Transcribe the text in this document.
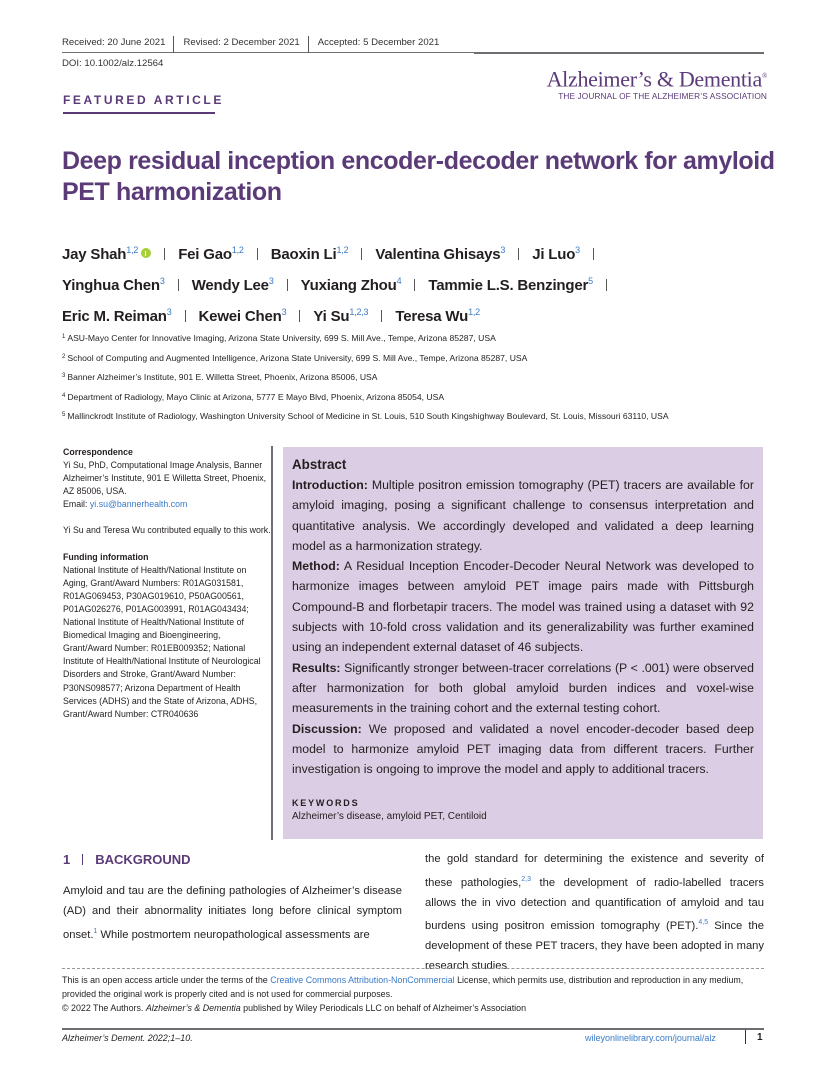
Received: 20 June 2021	Revised: 2 December 2021	Accepted: 5 December 2021
DOI: 10.1002/alz.12564
Alzheimer’s & Dementia®
THE JOURNAL OF THE ALZHEIMER’S ASSOCIATION
FEATURED ARTICLE
Deep residual inception encoder-decoder network for amyloid PET harmonization
Jay Shah$^{1,2}$	Fei Gao$^{1,2}$ Baoxin Li$^{1,2}$ Valentina Ghisays$^3$ Ji Luo$^3$
Yinghua Chen$^3$ Wendy Lee$^3$ Yuxiang Zhou$^4$ Tammie L.S. Benzinger$^5$
Eric M. Reiman$^3$ Kewei Chen$^3$ Yi Su$^{1,2,3}$ Teresa Wu$^{1,2}$
$^1$ ASU-Mayo Center for Innovative Imaging, Arizona State University, 699 S. Mill Ave., Tempe, Arizona 85287, USA
$^2$ School of Computing and Augmented Intelligence, Arizona State University, 699 S. Mill Ave., Tempe, Arizona 85287, USA
$^3$ Banner Alzheimer’s Institute, 901 E. Willetta Street, Phoenix, Arizona 85006, USA
$^4$ Department of Radiology, Mayo Clinic at Arizona, 5777 E Mayo Blvd, Phoenix, Arizona 85054, USA
$^5$ Mallinckrodt Institute of Radiology, Washington University School of Medicine in St. Louis, 510 South Kingshighway Boulevard, St. Louis, Missouri 63110, USA
Correspondence
Yi Su, PhD, Computational Image Analysis, Banner Alzheimer’s Institute, 901 E Willetta Street, Phoenix, AZ 85006, USA.
Email: yi.su@bannerhealth.com
Yi Su and Teresa Wu contributed equally to this work.
Funding information
National Institute of Health/National Institute on Aging, Grant/Award Numbers: R01AG031581, R01AG069453, P30AG019610, P50AG00561, P01AG026276, P01AG003991, R01AG043434; National Institute of Health/National Institute of Biomedical Imaging and Bioengineering, Grant/Award Number: R01EB009352; National Institute of Health/National Institute of Neurological Disorders and Stroke, Grant/Award Number: P30NS098577; Arizona Department of Health Services (ADHS) and the State of Arizona, ADHS, Grant/Award Number: CTR040636
Abstract

Introduction: Multiple positron emission tomography (PET) tracers are available for amyloid imaging, posing a significant challenge to consensus interpretation and quantitative analysis. We accordingly developed and validated a deep learning model as a harmonization strategy.

Method: A Residual Inception Encoder-Decoder Neural Network was developed to harmonize images between amyloid PET image pairs made with Pittsburgh Compound-B and florbetapir tracers. The model was trained using a dataset with 92 subjects with 10-fold cross validation and its generalizability was further examined using an independent external dataset of 46 subjects.

Results: Significantly stronger between-tracer correlations (P < .001) were observed after harmonization for both global amyloid burden indices and voxel-wise measurements in the training cohort and the external testing cohort.

Discussion: We proposed and validated a novel encoder-decoder based deep model to harmonize amyloid PET imaging data from different tracers. Further investigation is ongoing to improve the model and apply to additional tracers.

KEYWORDS
Alzheimer’s disease, amyloid PET, Centiloid
1 BACKGROUND

Amyloid and tau are the defining pathologies of Alzheimer’s disease (AD) and their abnormality initiates long before clinical symptom onset.$^1$ While postmortem neuropathological assessments are

the gold standard for determining the existence and severity of these pathologies,$^{2,3}$ the development of radio-labelled tracers allows the in vivo detection and quantification of amyloid and tau burdens using positron emission tomography (PET).$^{4,5}$ Since the development of these PET tracers, they have been adopted in many research studies

This is an open access article under the terms of the Creative Commons Attribution-NonCommercial License, which permits use, distribution and reproduction in any medium, provided the original work is properly cited and is not used for commercial purposes.
© 2022 The Authors. Alzheimer’s & Dementia published by Wiley Periodicals LLC on behalf of Alzheimer’s Association
Alzheimer’s Dement. 2022;1–10.	wileyonlinelibrary.com/journal/alz	1
